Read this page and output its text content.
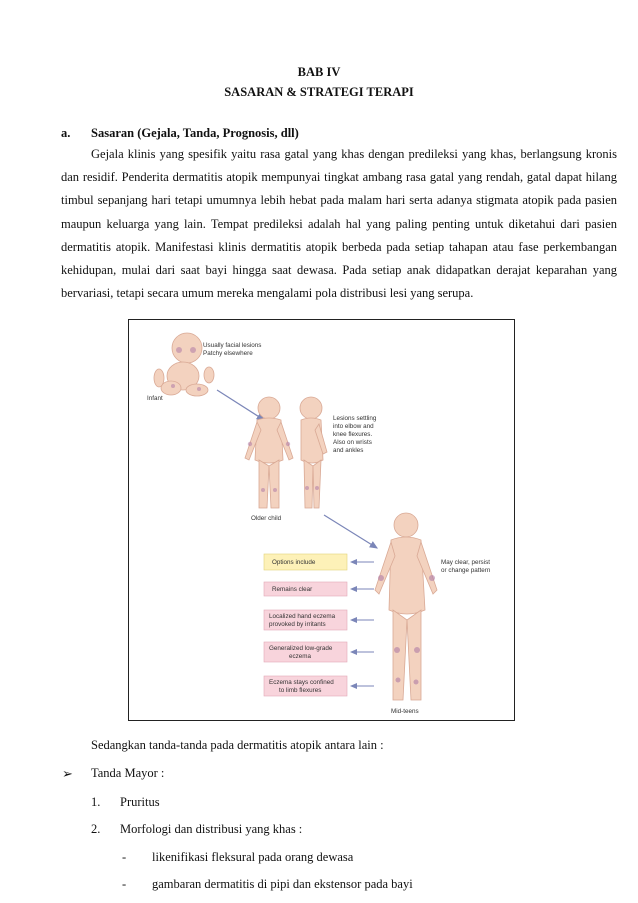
BAB IV
SASARAN & STRATEGI TERAPI
a. Sasaran (Gejala, Tanda, Prognosis, dll)

Gejala klinis yang spesifik yaitu rasa gatal yang khas dengan predileksi yang khas, berlangsung kronis dan residif. Penderita dermatitis atopik mempunyai tingkat ambang rasa gatal yang rendah, gatal dapat hilang timbul sepanjang hari tetapi umumnya lebih hebat pada malam hari serta adanya stigmata atopik pada pasien maupun keluarga yang lain. Tempat predileksi adalah hal yang paling penting untuk diketahui dari pasien dermatitis atopik. Manifestasi klinis dermatitis atopik berbeda pada setiap tahapan atau fase perkembangan kehidupan, mulai dari saat bayi hingga saat dewasa. Pada setiap anak didapatkan derajat keparahan yang bervariasi, tetapi secara umum mereka mengalami pola distribusi lesi yang serupa.

Usually facial lesions
Patchy elsewhere
Infant
Lesions settling
into elbow and
knee flexures.
Also on wrists
and ankles
Older child
Options include
Remains clear
Localized hand eczema
provoked by irritants
Generalized low-grade
eczema
Eczema stays confined
to limb flexures
May clear, persist
or change pattern
Mid-teens
Sedangkan tanda-tanda pada dermatitis atopik antara lain :
➢ Tanda Mayor :
1. Pruritus
2. Morfologi dan distribusi yang khas :
- likenifikasi fleksural pada orang dewasa
- gambaran dermatitis di pipi dan ekstensor pada bayi
